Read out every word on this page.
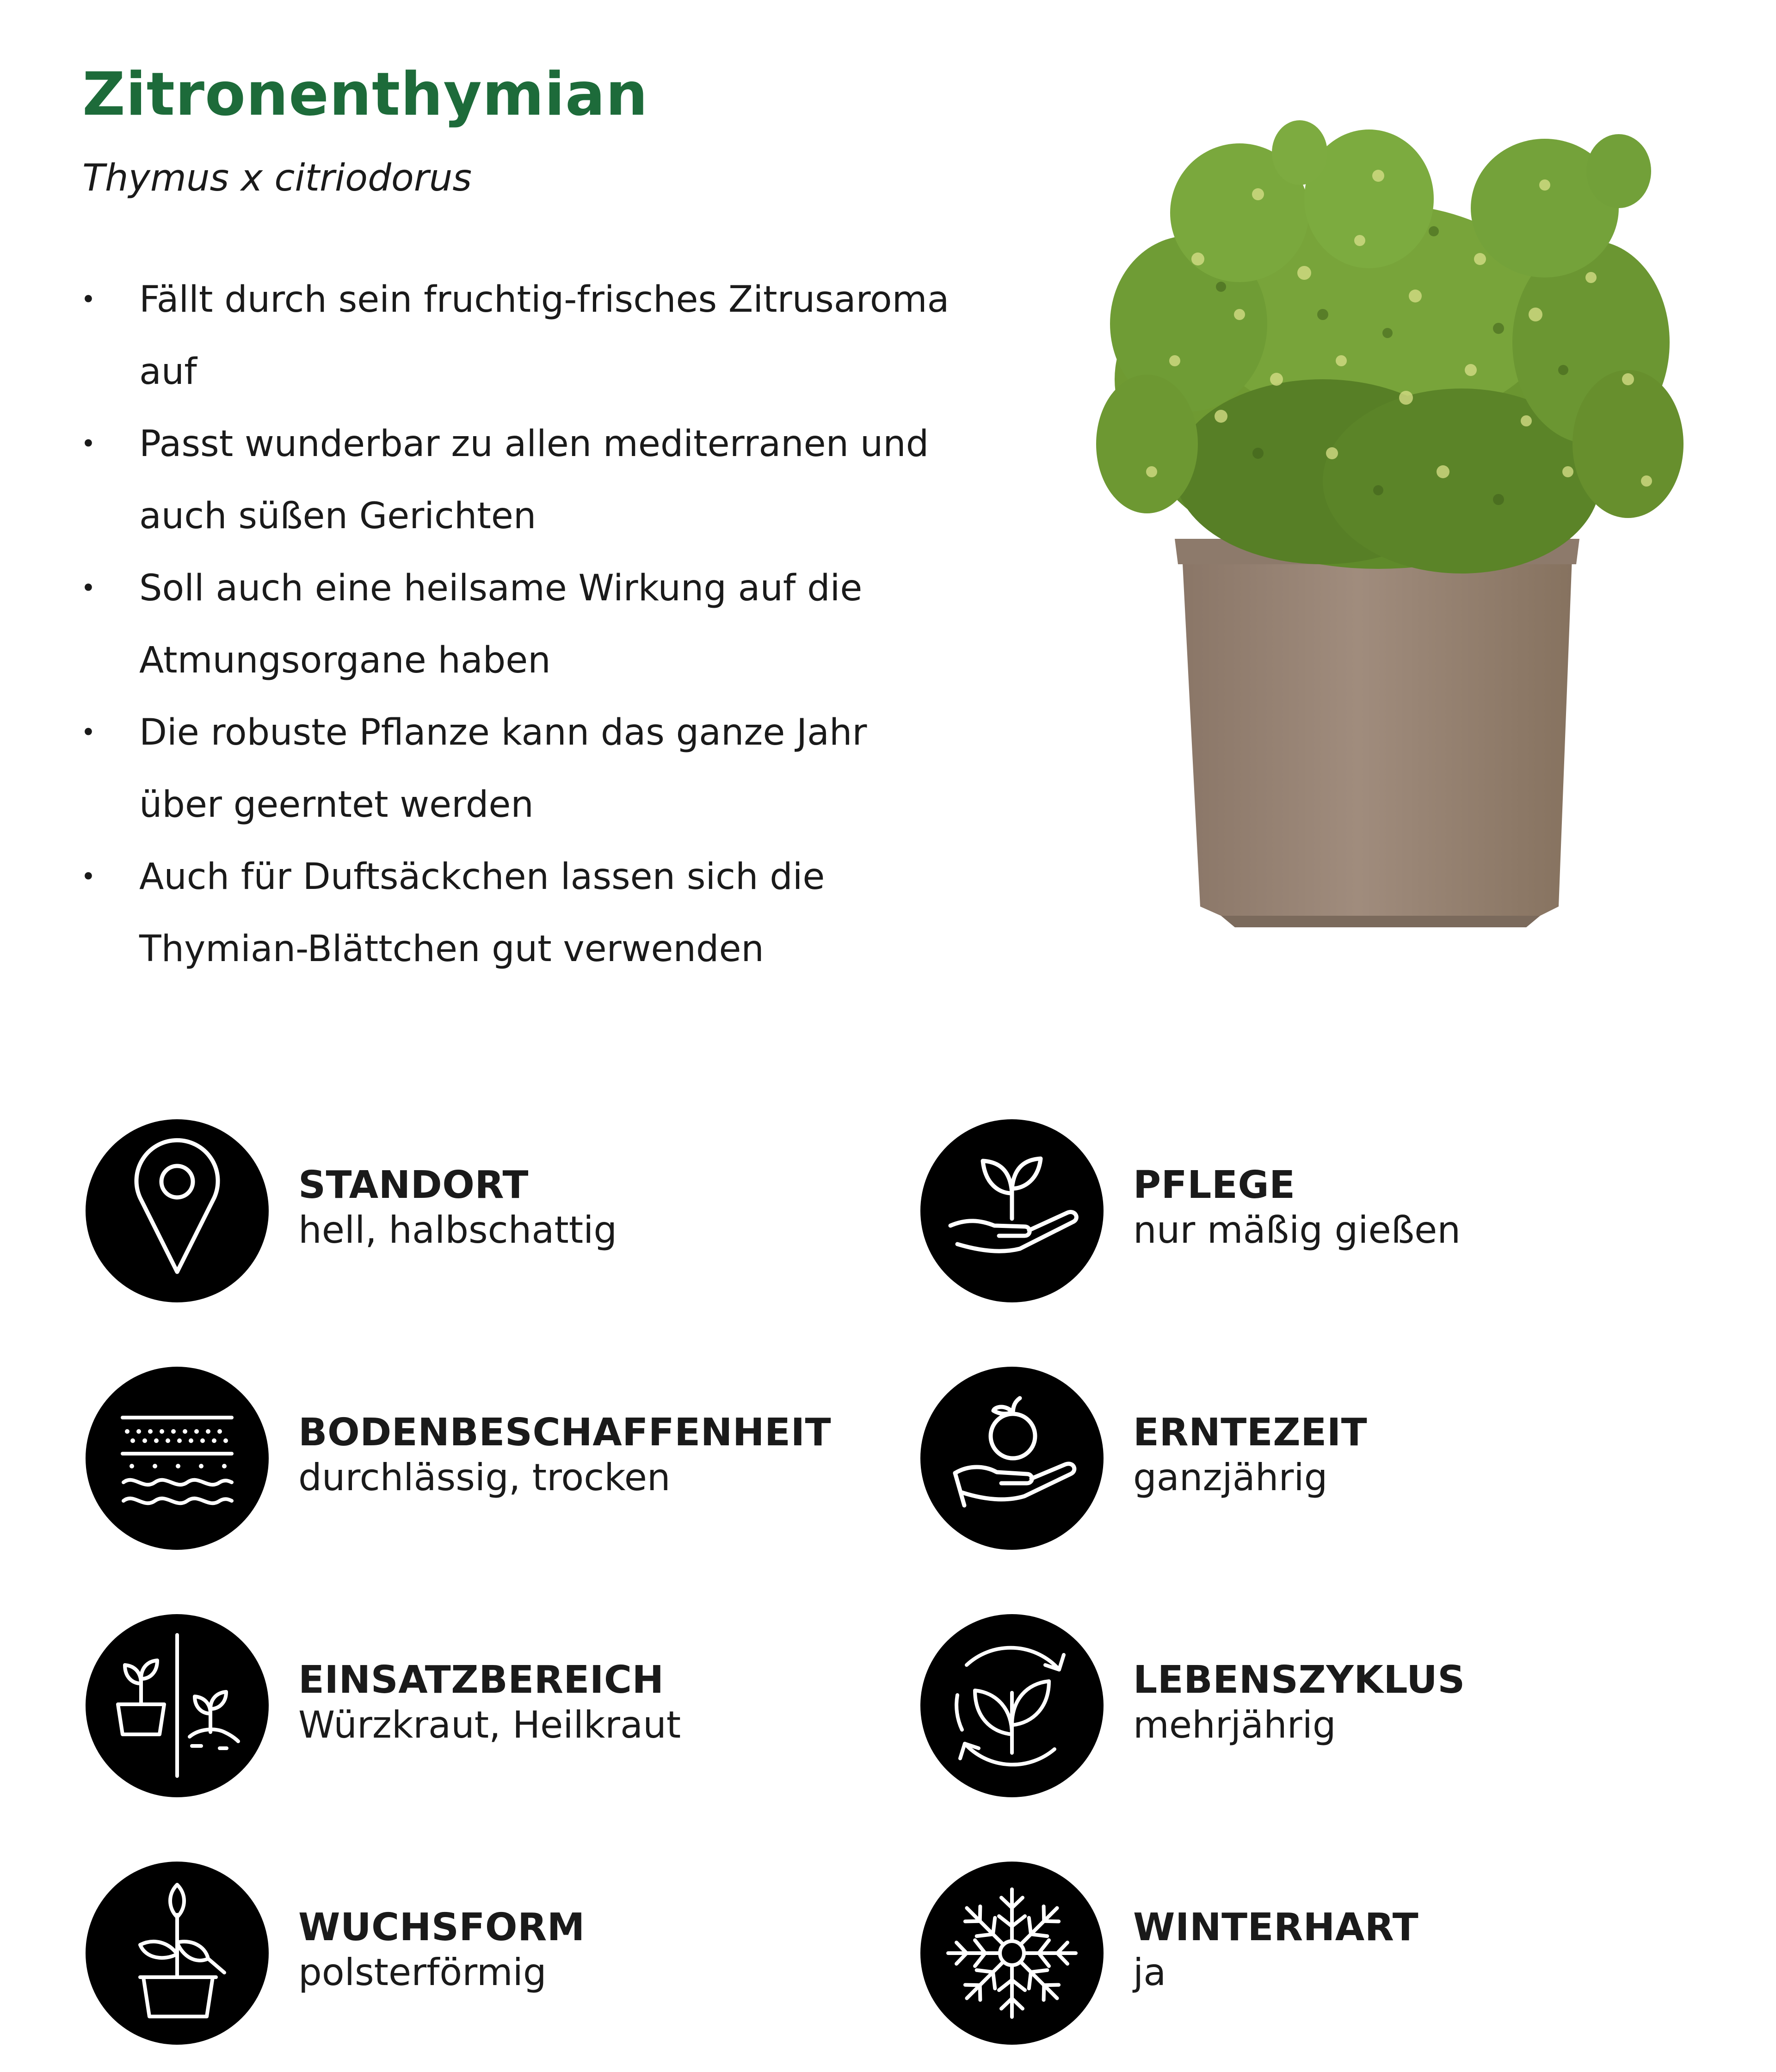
Zitronenthymian
Thymus x citriodorus
• Fällt durch sein fruchtig-frisches Zitrusaroma auf
• Passt wunderbar zu allen mediterranen und auch süßen Gerichten
• Soll auch eine heilsame Wirkung auf die Atmungsorgane haben
• Die robuste Pflanze kann das ganze Jahr über geerntet werden
• Auch für Duftsäckchen lassen sich die Thymian-Blättchen gut verwenden
STANDORT
hell, halbschattig
PFLEGE
nur mäßig gießen
BODENBESCHAFFENHEIT
durchlässig, trocken
ERNTEZEIT
ganzjährig
EINSATZBEREICH
Würzkraut, Heilkraut
LEBENSZYKLUS
mehrjährig
WUCHSFORM
polsterförmig
WINTERHART
ja
